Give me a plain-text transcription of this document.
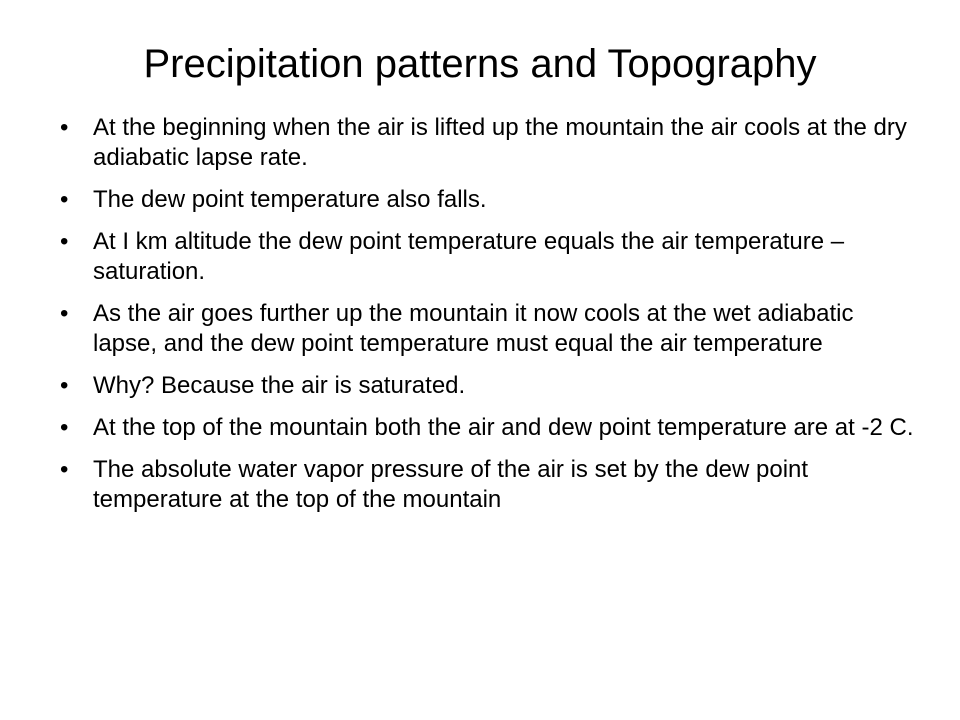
Precipitation patterns and Topography
•	At the beginning when the air is lifted up the mountain the air cools at the dry adiabatic lapse rate.
•	The dew point temperature also falls.
•	At I km altitude the dew point temperature equals the air temperature – saturation.
•	As the air goes further up the mountain it now cools at the wet adiabatic lapse, and the dew point temperature must equal the air temperature
•	Why? Because the air is saturated.
•	At the top of the mountain both the air and dew point temperature are at -2 C.
•	The absolute water vapor pressure of the air is set by the dew point temperature at the top of the mountain
